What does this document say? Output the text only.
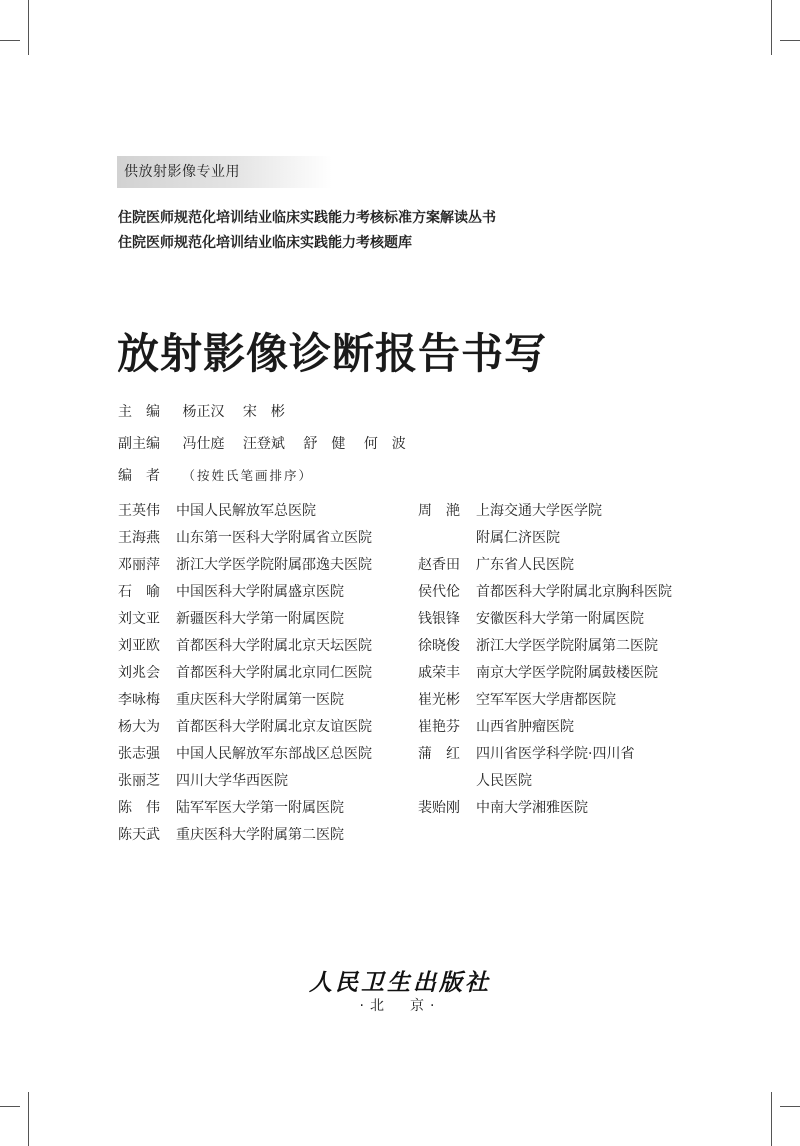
供放射影像专业用
住院医师规范化培训结业临床实践能力考核标准方案解读丛书
住院医师规范化培训结业临床实践能力考核题库
放射影像诊断报告书写
主　编 杨正汉 宋　彬
副主编 冯仕庭 汪登斌 舒　健 何　波
编　者 （按姓氏笔画排序）
王英伟	中国人民解放军总医院
王海燕	山东第一医科大学附属省立医院
邓丽萍	浙江大学医学院附属邵逸夫医院
石　喻	中国医科大学附属盛京医院
刘文亚	新疆医科大学第一附属医院
刘亚欧	首都医科大学附属北京天坛医院
刘兆会	首都医科大学附属北京同仁医院
李咏梅	重庆医科大学附属第一医院
杨大为	首都医科大学附属北京友谊医院
张志强	中国人民解放军东部战区总医院
张丽芝	四川大学华西医院
陈　伟	陆军军医大学第一附属医院
陈天武	重庆医科大学附属第二医院
周　滟	上海交通大学医学院
附属仁济医院
赵香田	广东省人民医院
侯代伦	首都医科大学附属北京胸科医院
钱银锋	安徽医科大学第一附属医院
徐晓俊	浙江大学医学院附属第二医院
戚荣丰	南京大学医学院附属鼓楼医院
崔光彬	空军军医大学唐都医院
崔艳芬	山西省肿瘤医院
蒲　红	四川省医学科学院·四川省
人民医院
裴贻刚	中南大学湘雅医院
人民卫生出版社
·北　京·
